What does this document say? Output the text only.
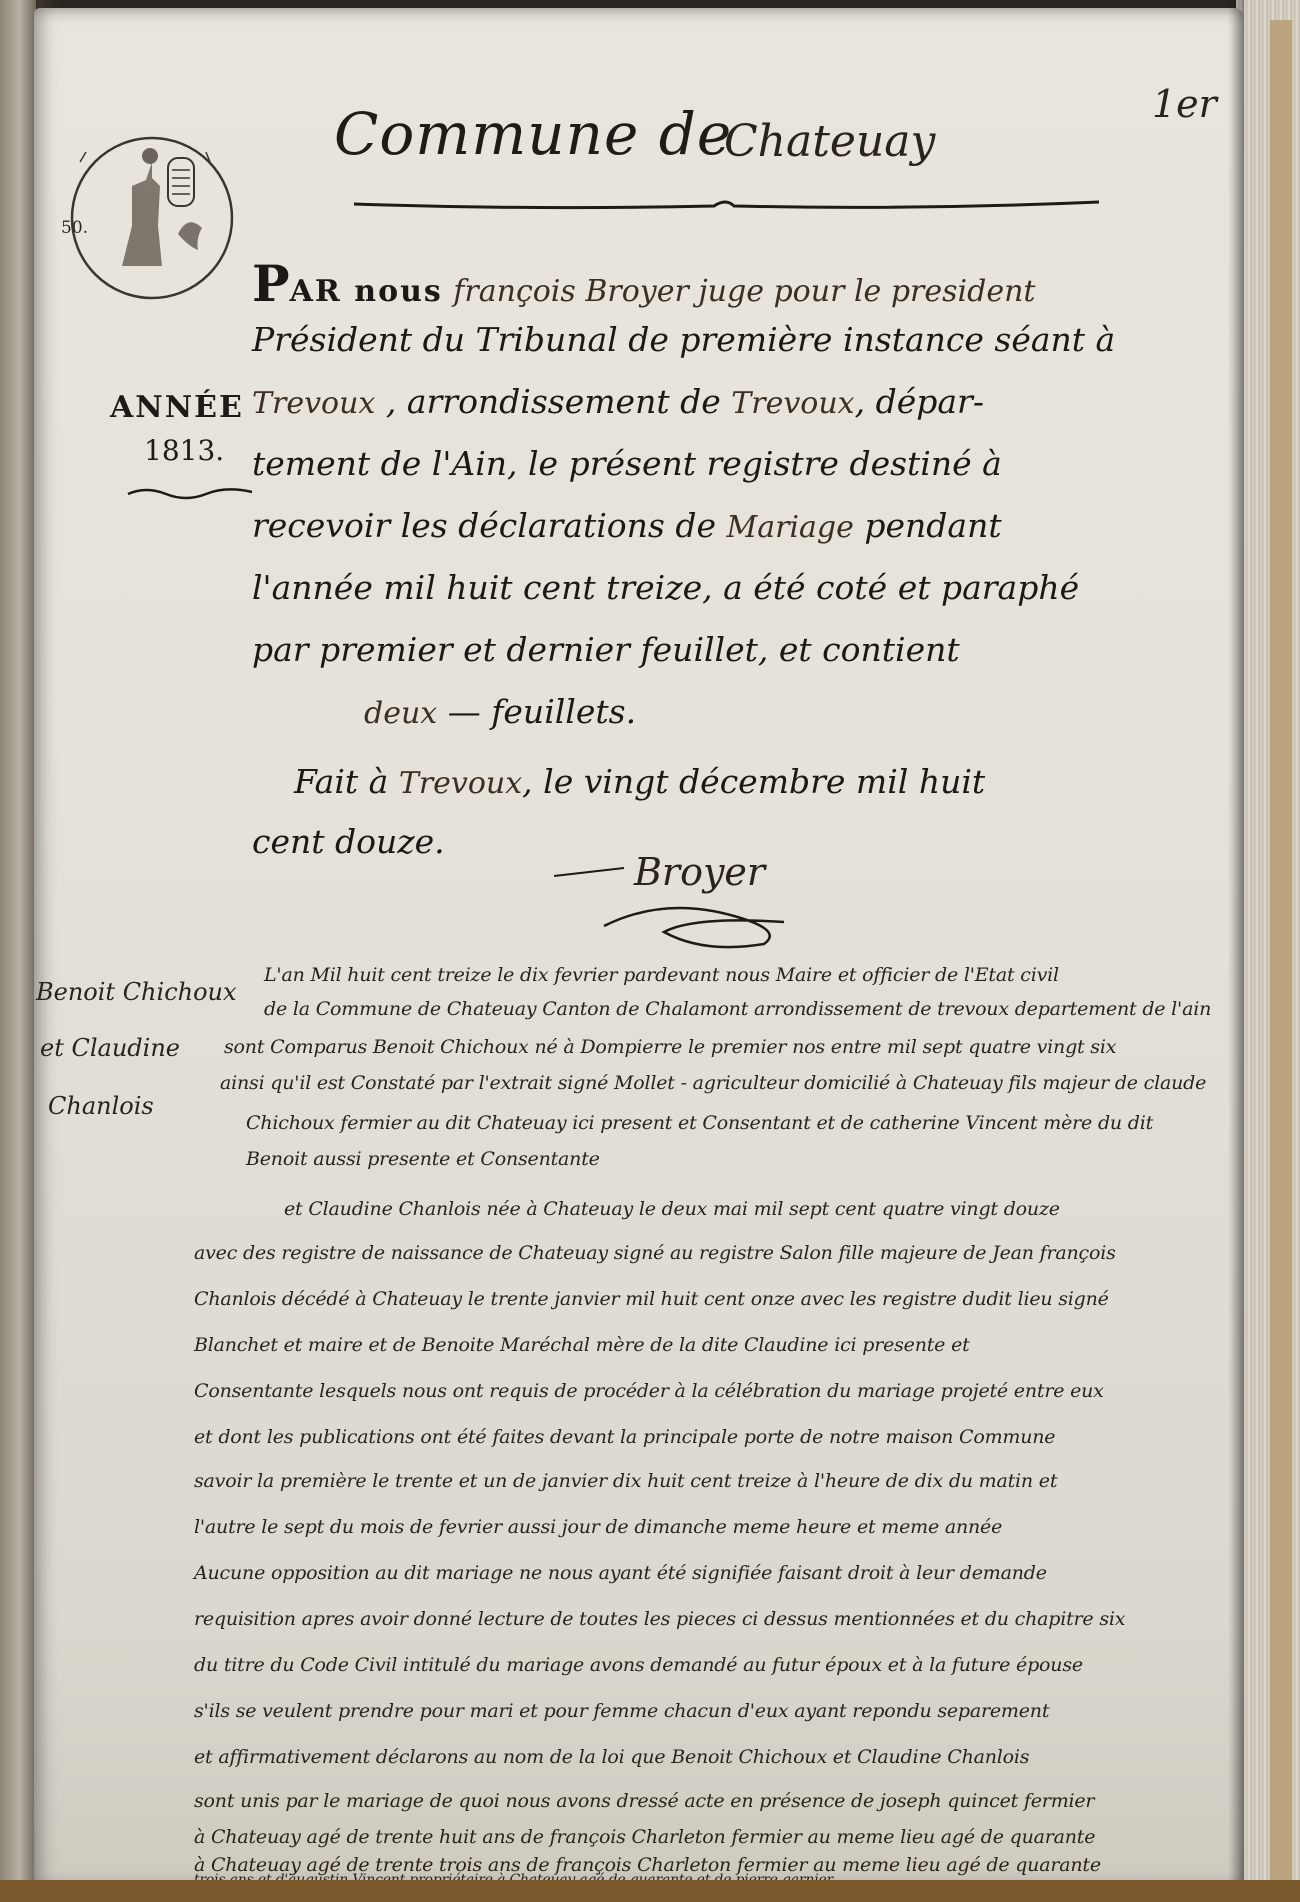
Commune de
Chateuay
1er
50.
ANNÉE
1813.
PAR nous françois Broyer juge pour le president
Président du Tribunal de première instance séant à
Trevoux , arrondissement de Trevoux, dépar-
tement de l'Ain, le présent registre destiné à
recevoir les déclarations de Mariage pendant
l'année mil huit cent treize, a été coté et paraphé
par premier et dernier feuillet, et contient
deux — feuillets.
Fait à Trevoux, le vingt décembre mil huit
cent douze.
Broyer
Benoit Chichoux
et Claudine
Chanlois
L'an Mil huit cent treize le dix fevrier pardevant nous Maire et officier de l'Etat civil
de la Commune de Chateuay Canton de Chalamont arrondissement de trevoux departement de l'ain
sont Comparus Benoit Chichoux né à Dompierre le premier nos entre mil sept quatre vingt six
ainsi qu'il est Constaté par l'extrait signé Mollet - agriculteur domicilié à Chateuay fils majeur de claude
Chichoux fermier au dit Chateuay ici present et Consentant et de catherine Vincent mère du dit
Benoit aussi presente et Consentante
et Claudine Chanlois née à Chateuay le deux mai mil sept cent quatre vingt douze
avec des registre de naissance de Chateuay signé au registre Salon fille majeure de Jean françois
Chanlois décédé à Chateuay le trente janvier mil huit cent onze avec les registre dudit lieu signé
Blanchet et maire et de Benoite Maréchal mère de la dite Claudine ici presente et
Consentante lesquels nous ont requis de procéder à la célébration du mariage projeté entre eux
et dont les publications ont été faites devant la principale porte de notre maison Commune
savoir la première le trente et un de janvier dix huit cent treize à l'heure de dix du matin et
l'autre le sept du mois de fevrier aussi jour de dimanche meme heure et meme année
Aucune opposition au dit mariage ne nous ayant été signifiée faisant droit à leur demande
requisition apres avoir donné lecture de toutes les pieces ci dessus mentionnées et du chapitre six
du titre du Code Civil intitulé du mariage avons demandé au futur époux et à la future épouse
s'ils se veulent prendre pour mari et pour femme chacun d'eux ayant repondu separement
et affirmativement déclarons au nom de la loi que Benoit Chichoux et Claudine Chanlois
sont unis par le mariage de quoi nous avons dressé acte en présence de joseph quincet fermier
à Chateuay agé de trente huit ans de françois Charleton fermier au meme lieu agé de quarante
à Chateuay agé de trente trois ans de françois Charleton fermier au meme lieu agé de quarante
